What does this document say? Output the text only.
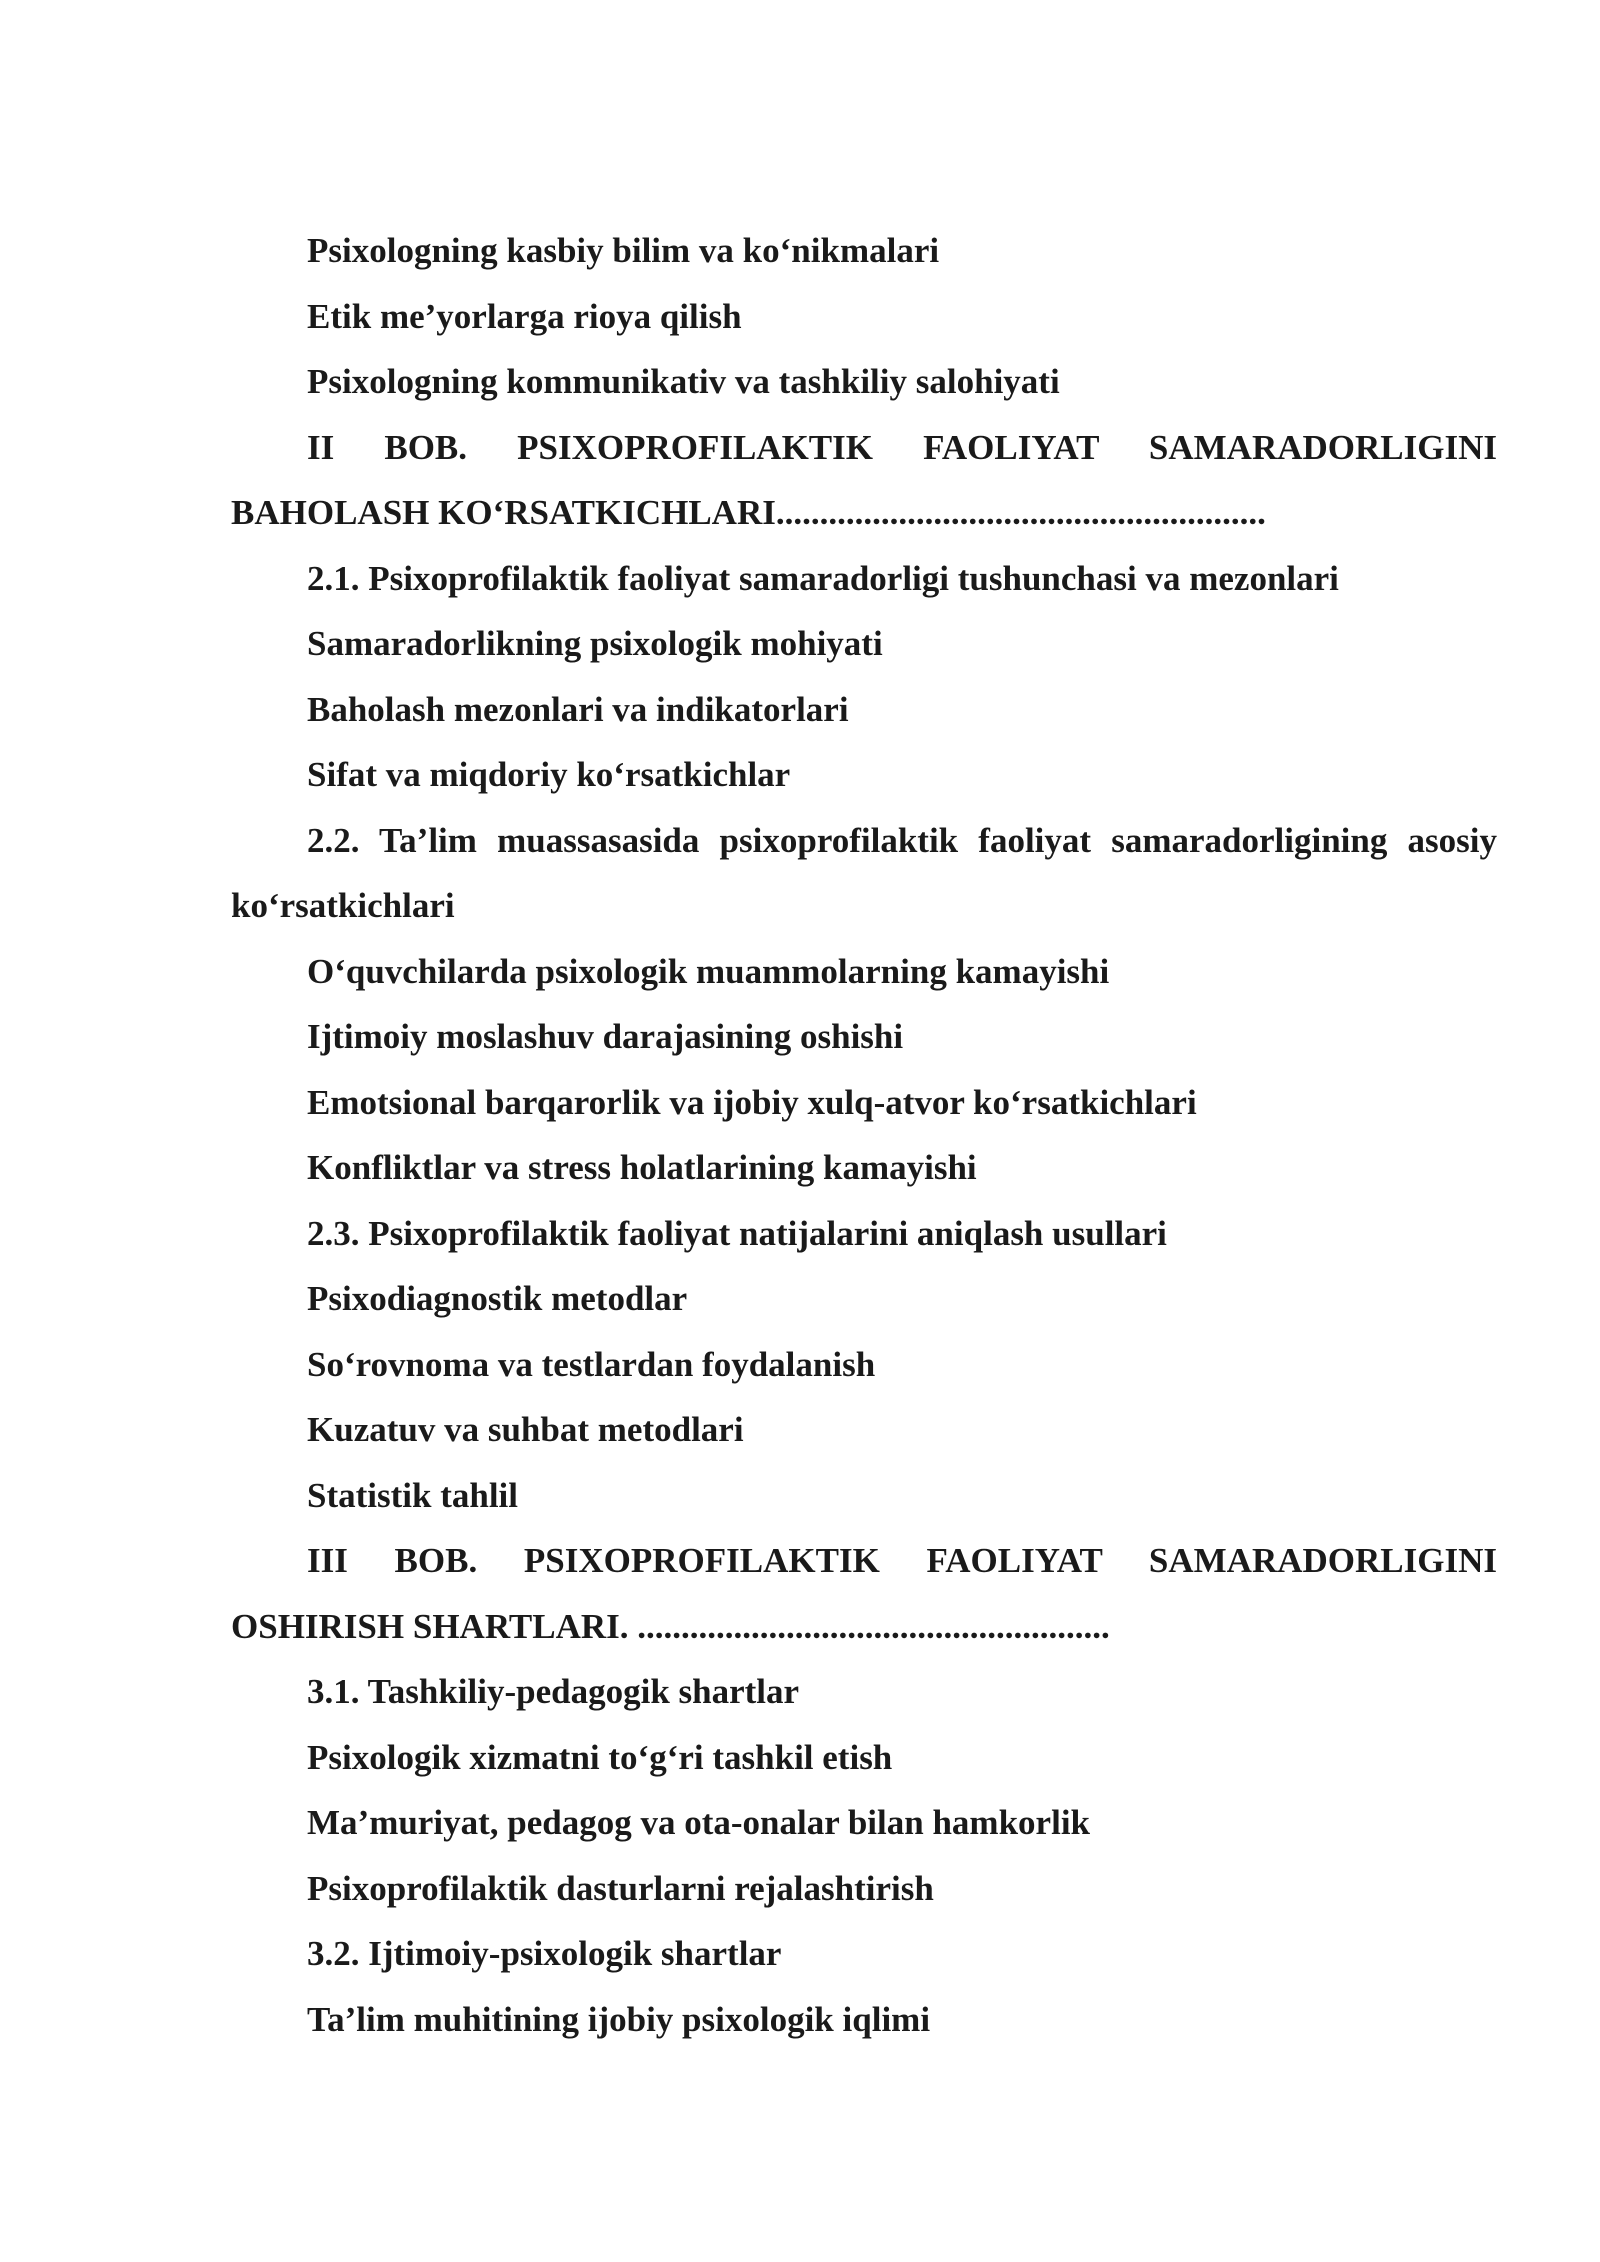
Psixologning kasbiy bilim va ko‘nikmalari

Etik me’yorlarga rioya qilish

Psixologning kommunikativ va tashkiliy salohiyati

II BOB. PSIXOPROFILAKTIK FAOLIYAT SAMARADORLIGINI BAHOLASH KO‘RSATKICHLARI........................................................

2.1. Psixoprofilaktik faoliyat samaradorligi tushunchasi va mezonlari

Samaradorlikning psixologik mohiyati

Baholash mezonlari va indikatorlari

Sifat va miqdoriy ko‘rsatkichlar

2.2. Ta’lim muassasasida psixoprofilaktik faoliyat samaradorligining asosiy ko‘rsatkichlari

O‘quvchilarda psixologik muammolarning kamayishi

Ijtimoiy moslashuv darajasining oshishi

Emotsional barqarorlik va ijobiy xulq-atvor ko‘rsatkichlari

Konfliktlar va stress holatlarining kamayishi

2.3. Psixoprofilaktik faoliyat natijalarini aniqlash usullari

Psixodiagnostik metodlar

So‘rovnoma va testlardan foydalanish

Kuzatuv va suhbat metodlari

Statistik tahlil

III BOB. PSIXOPROFILAKTIK FAOLIYAT SAMARADORLIGINI OSHIRISH SHARTLARI. ......................................................

3.1. Tashkiliy-pedagogik shartlar

Psixologik xizmatni to‘g‘ri tashkil etish

Ma’muriyat, pedagog va ota-onalar bilan hamkorlik

Psixoprofilaktik dasturlarni rejalashtirish

3.2. Ijtimoiy-psixologik shartlar

Ta’lim muhitining ijobiy psixologik iqlimi
